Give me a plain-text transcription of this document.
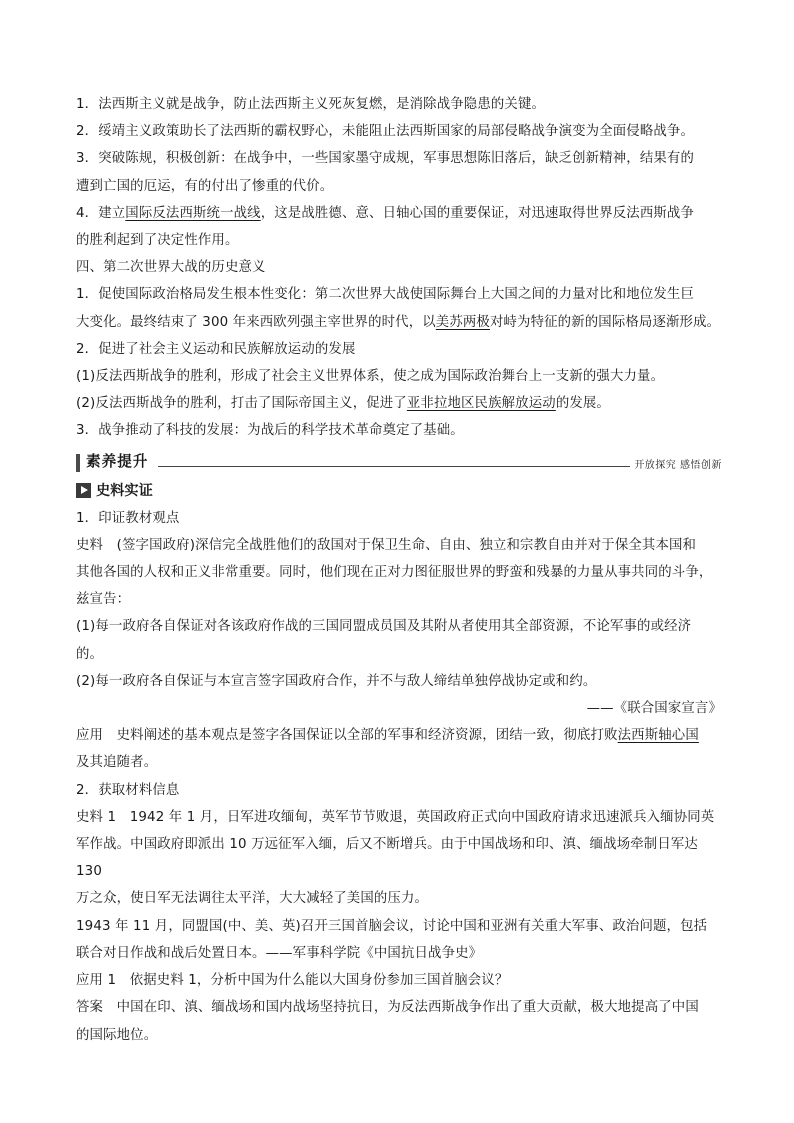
1．法西斯主义就是战争，防止法西斯主义死灰复燃，是消除战争隐患的关键。

2．绥靖主义政策助长了法西斯的霸权野心，未能阻止法西斯国家的局部侵略战争演变为全面侵略战争。

3．突破陈规，积极创新：在战争中，一些国家墨守成规，军事思想陈旧落后，缺乏创新精神，结果有的

遭到亡国的厄运，有的付出了惨重的代价。

4．建立国际反法西斯统一战线，这是战胜德、意、日轴心国的重要保证，对迅速取得世界反法西斯战争

的胜利起到了决定性作用。

四、第二次世界大战的历史意义

1．促使国际政治格局发生根本性变化：第二次世界大战使国际舞台上大国之间的力量对比和地位发生巨

大变化。最终结束了 300 年来西欧列强主宰世界的时代，以美苏两极对峙为特征的新的国际格局逐渐形成。

2．促进了社会主义运动和民族解放运动的发展

(1)反法西斯战争的胜利，形成了社会主义世界体系，使之成为国际政治舞台上一支新的强大力量。

(2)反法西斯战争的胜利，打击了国际帝国主义，促进了亚非拉地区民族解放运动的发展。

3．战争推动了科技的发展：为战后的科学技术革命奠定了基础。

素养提升	开放探究 感悟创新
史料实证

1．印证教材观点

史料　(签字国政府)深信完全战胜他们的敌国对于保卫生命、自由、独立和宗教自由并对于保全其本国和

其他各国的人权和正义非常重要。同时，他们现在正对力图征服世界的野蛮和残暴的力量从事共同的斗争，

兹宣告：

(1)每一政府各自保证对各该政府作战的三国同盟成员国及其附从者使用其全部资源，不论军事的或经济

的。

(2)每一政府各自保证与本宣言签字国政府合作，并不与敌人缔结单独停战协定或和约。

——《联合国家宣言》

应用　史料阐述的基本观点是签字各国保证以全部的军事和经济资源，团结一致，彻底打败法西斯轴心国

及其追随者。

2．获取材料信息

史料 1　1942 年 1 月，日军进攻缅甸，英军节节败退，英国政府正式向中国政府请求迅速派兵入缅协同英

军作战。中国政府即派出 10 万远征军入缅，后又不断增兵。由于中国战场和印、滇、缅战场牵制日军达 130

万之众，使日军无法调往太平洋，大大减轻了美国的压力。

1943 年 11 月，同盟国(中、美、英)召开三国首脑会议，讨论中国和亚洲有关重大军事、政治问题，包括

联合对日作战和战后处置日本。——军事科学院《中国抗日战争史》

应用 1　依据史料 1，分析中国为什么能以大国身份参加三国首脑会议？

答案　中国在印、滇、缅战场和国内战场坚持抗日，为反法西斯战争作出了重大贡献，极大地提高了中国

的国际地位。
